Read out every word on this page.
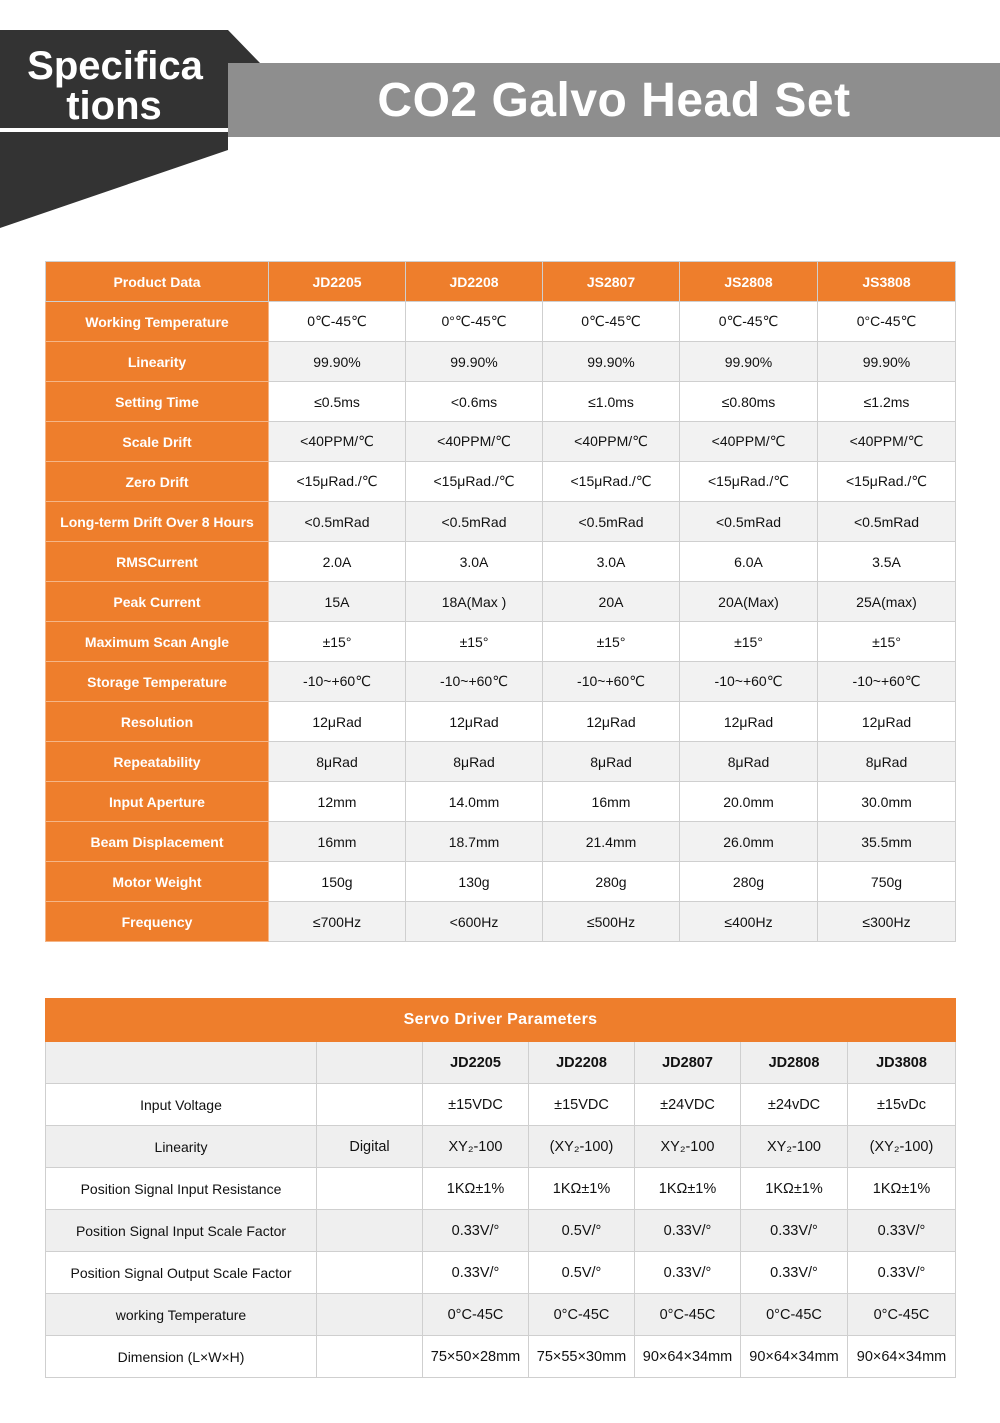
Specifica
tions	CO2 Galvo Head Set
Product Data	JD2205	JD2208	JS2807	JS2808	JS3808
Working Temperature	0℃-45℃	0°℃-45℃	0℃-45℃	0℃-45℃	0°C-45℃
Linearity	99.90%	99.90%	99.90%	99.90%	99.90%
Setting Time	≤0.5ms	<0.6ms	≤1.0ms	≤0.80ms	≤1.2ms
Scale Drift	<40PPM/℃	<40PPM/℃	<40PPM/℃	<40PPM/℃	<40PPM/℃
Zero Drift	<15μRad./℃	<15μRad./℃	<15μRad./℃	<15μRad./℃	<15μRad./℃
Long-term Drift Over 8 Hours	<0.5mRad	<0.5mRad	<0.5mRad	<0.5mRad	<0.5mRad
RMSCurrent	2.0A	3.0A	3.0A	6.0A	3.5A
Peak Current	15A	18A(Max )	20A	20A(Max)	25A(max)
Maximum Scan Angle	±15°	±15°	±15°	±15°	±15°
Storage Temperature	-10~+60℃	-10~+60℃	-10~+60℃	-10~+60℃	-10~+60℃
Resolution	12μRad	12μRad	12μRad	12μRad	12μRad
Repeatability	8μRad	8μRad	8μRad	8μRad	8μRad
Input Aperture	12mm	14.0mm	16mm	20.0mm	30.0mm
Beam Displacement	16mm	18.7mm	21.4mm	26.0mm	35.5mm
Motor Weight	150g	130g	280g	280g	750g
Frequency	≤700Hz	<600Hz	≤500Hz	≤400Hz	≤300Hz
Servo Driver Parameters						
		JD2205	JD2208	JD2807	JD2808	JD3808
Input Voltage		±15VDC	±15VDC	±24VDC	±24vDC	±15vDc
Linearity	Digital	XY₂-100	(XY₂-100)	XY₂-100	XY₂-100	(XY₂-100)
Position Signal Input Resistance		1KΩ±1%	1KΩ±1%	1KΩ±1%	1KΩ±1%	1KΩ±1%
Position Signal Input Scale Factor		0.33V/°	0.5V/°	0.33V/°	0.33V/°	0.33V/°
Position Signal Output Scale Factor		0.33V/°	0.5V/°	0.33V/°	0.33V/°	0.33V/°
working Temperature		0°C-45C	0°C-45C	0°C-45C	0°C-45C	0°C-45C
Dimension (L×W×H)		75×50×28mm	75×55×30mm	90×64×34mm	90×64×34mm	90×64×34mm
